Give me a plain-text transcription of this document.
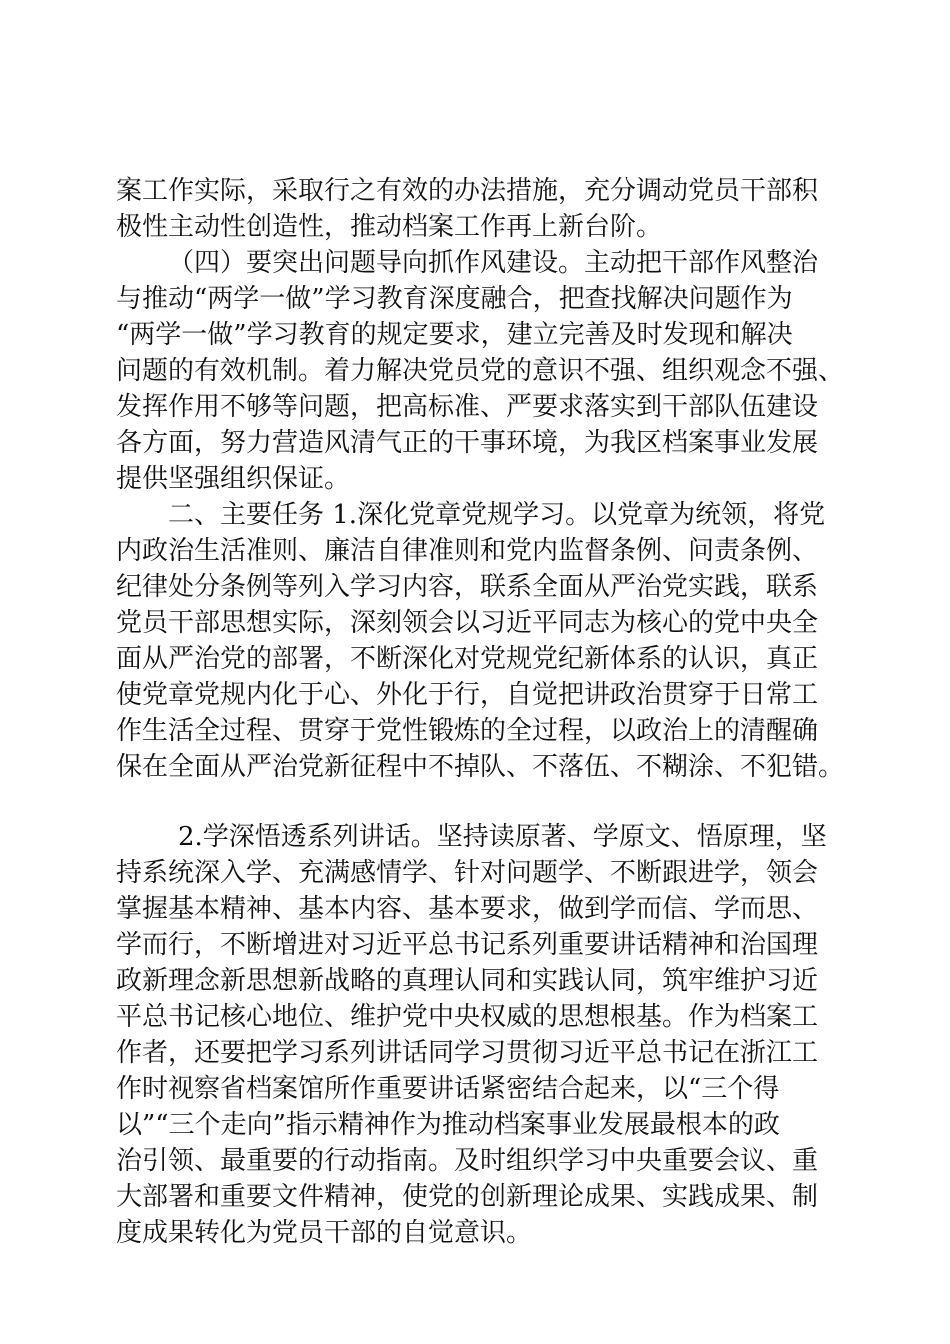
案工作实际，采取行之有效的办法措施，充分调动党员干部积
极性主动性创造性，推动档案工作再上新台阶。
（四）要突出问题导向抓作风建设。主动把干部作风整治
与推动“两学一做”学习教育深度融合，把查找解决问题作为
“两学一做”学习教育的规定要求，建立完善及时发现和解决
问题的有效机制。着力解决党员党的意识不强、组织观念不强、
发挥作用不够等问题，把高标准、严要求落实到干部队伍建设
各方面，努力营造风清气正的干事环境，为我区档案事业发展
提供坚强组织保证。
二、主要任务 1.深化党章党规学习。以党章为统领，将党
内政治生活准则、廉洁自律准则和党内监督条例、问责条例、
纪律处分条例等列入学习内容，联系全面从严治党实践，联系
党员干部思想实际，深刻领会以习近平同志为核心的党中央全
面从严治党的部署，不断深化对党规党纪新体系的认识，真正
使党章党规内化于心、外化于行，自觉把讲政治贯穿于日常工
作生活全过程、贯穿于党性锻炼的全过程，以政治上的清醒确
保在全面从严治党新征程中不掉队、不落伍、不糊涂、不犯错。
2.学深悟透系列讲话。坚持读原著、学原文、悟原理，坚
持系统深入学、充满感情学、针对问题学、不断跟进学，领会
掌握基本精神、基本内容、基本要求，做到学而信、学而思、
学而行，不断增进对习近平总书记系列重要讲话精神和治国理
政新理念新思想新战略的真理认同和实践认同，筑牢维护习近
平总书记核心地位、维护党中央权威的思想根基。作为档案工
作者，还要把学习系列讲话同学习贯彻习近平总书记在浙江工
作时视察省档案馆所作重要讲话紧密结合起来，以“三个得
以”“三个走向”指示精神作为推动档案事业发展最根本的政
治引领、最重要的行动指南。及时组织学习中央重要会议、重
大部署和重要文件精神，使党的创新理论成果、实践成果、制
度成果转化为党员干部的自觉意识。
